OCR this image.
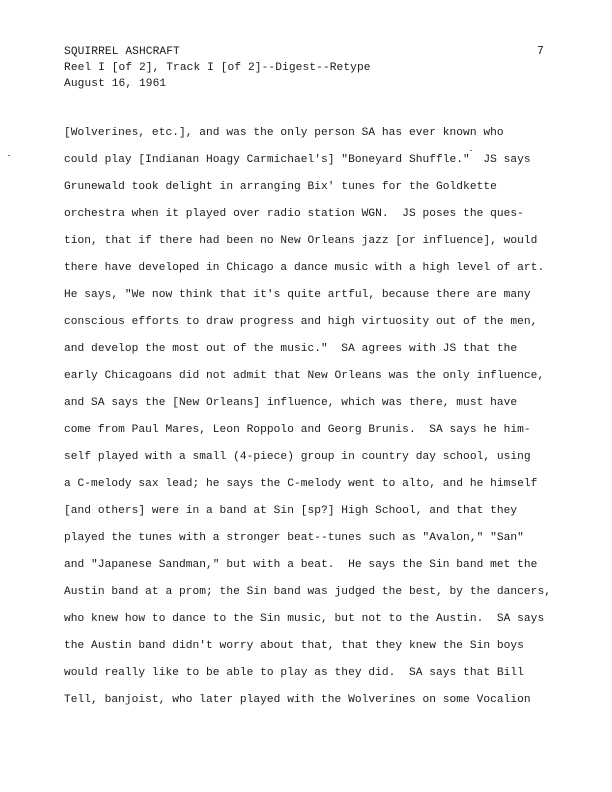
SQUIRREL ASHCRAFT
Reel I [of 2], Track I [of 2]--Digest--Retype
August 16, 1961
7
[Wolverines, etc.], and was the only person SA has ever known who
could play [Indianan Hoagy Carmichael's] "Boneyard Shuffle."  JS says
Grunewald took delight in arranging Bix' tunes for the Goldkette
orchestra when it played over radio station WGN.  JS poses the ques-
tion, that if there had been no New Orleans jazz [or influence], would
there have developed in Chicago a dance music with a high level of art.
He says, "We now think that it's quite artful, because there are many
conscious efforts to draw progress and high virtuosity out of the men,
and develop the most out of the music."  SA agrees with JS that the
early Chicagoans did not admit that New Orleans was the only influence,
and SA says the [New Orleans] influence, which was there, must have
come from Paul Mares, Leon Roppolo and Georg Brunis.  SA says he him-
self played with a small (4-piece) group in country day school, using
a C-melody sax lead; he says the C-melody went to alto, and he himself
[and others] were in a band at Sin [sp?] High School, and that they
played the tunes with a stronger beat--tunes such as "Avalon," "San"
and "Japanese Sandman," but with a beat.  He says the Sin band met the
Austin band at a prom; the Sin band was judged the best, by the dancers,
who knew how to dance to the Sin music, but not to the Austin.  SA says
the Austin band didn't worry about that, that they knew the Sin boys
would really like to be able to play as they did.  SA says that Bill
Tell, banjoist, who later played with the Wolverines on some Vocalion
